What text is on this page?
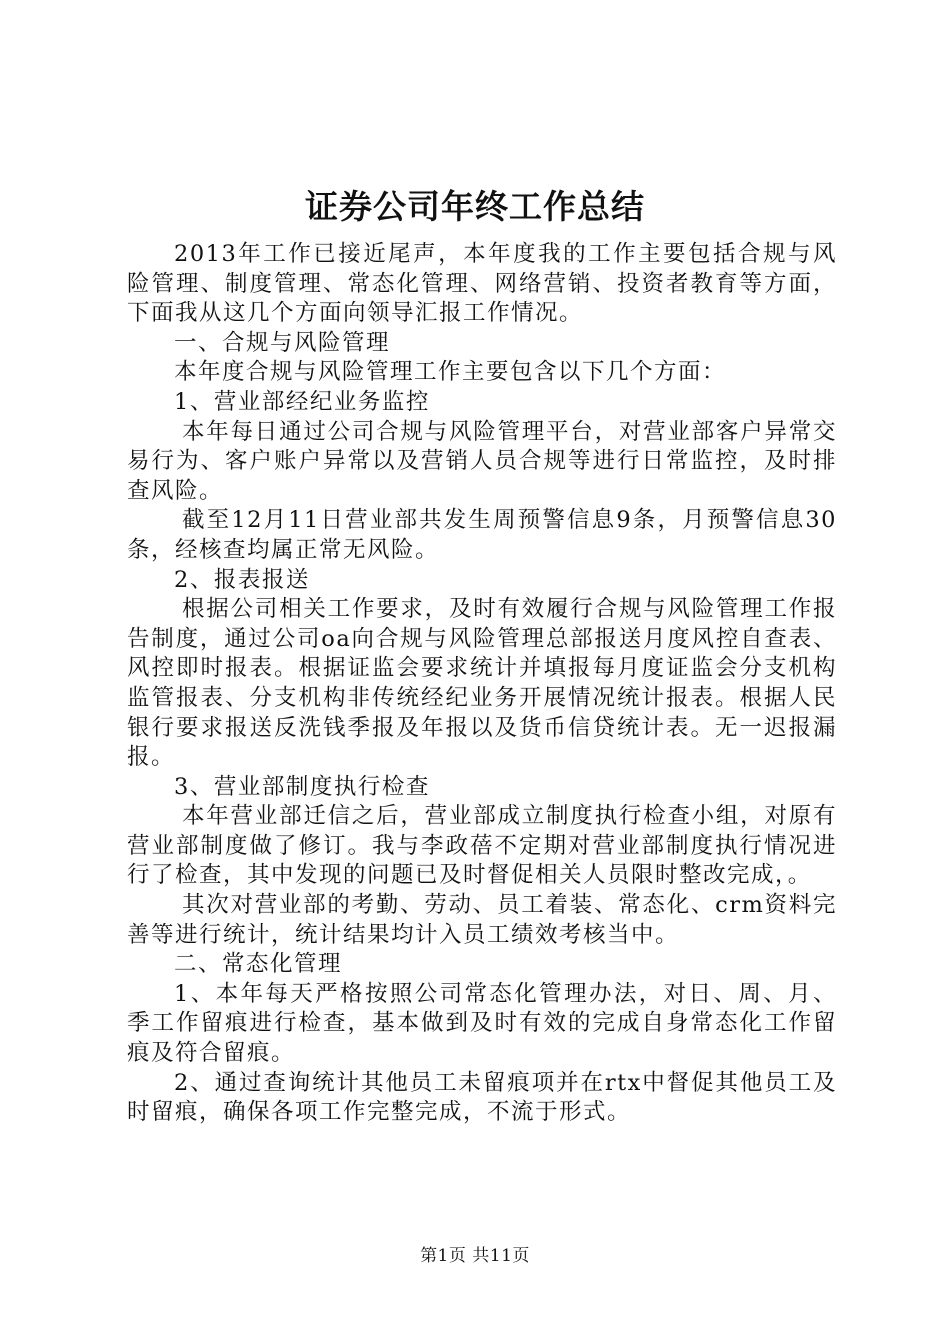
证券公司年终工作总结

2013年工作已接近尾声，本年度我的工作主要包括合规与风险管理、制度管理、常态化管理、网络营销、投资者教育等方面，下面我从这几个方面向领导汇报工作情况。

一、合规与风险管理

本年度合规与风险管理工作主要包含以下几个方面：

1、营业部经纪业务监控

本年每日通过公司合规与风险管理平台，对营业部客户异常交易行为、客户账户异常以及营销人员合规等进行日常监控，及时排查风险。

截至12月11日营业部共发生周预警信息9条，月预警信息30条，经核查均属正常无风险。

2、报表报送

根据公司相关工作要求，及时有效履行合规与风险管理工作报告制度，通过公司oa向合规与风险管理总部报送月度风控自查表、风控即时报表。根据证监会要求统计并填报每月度证监会分支机构监管报表、分支机构非传统经纪业务开展情况统计报表。根据人民银行要求报送反洗钱季报及年报以及货币信贷统计表。无一迟报漏报。

3、营业部制度执行检查

本年营业部迁信之后，营业部成立制度执行检查小组，对原有营业部制度做了修订。我与李政蓓不定期对营业部制度执行情况进行了检查，其中发现的问题已及时督促相关人员限时整改完成，。

其次对营业部的考勤、劳动、员工着装、常态化、crm资料完善等进行统计，统计结果均计入员工绩效考核当中。

二、常态化管理

1、本年每天严格按照公司常态化管理办法，对日、周、月、季工作留痕进行检查，基本做到及时有效的完成自身常态化工作留痕及符合留痕。

2、通过查询统计其他员工未留痕项并在rtx中督促其他员工及时留痕，确保各项工作完整完成，不流于形式。

第1页 共11页
